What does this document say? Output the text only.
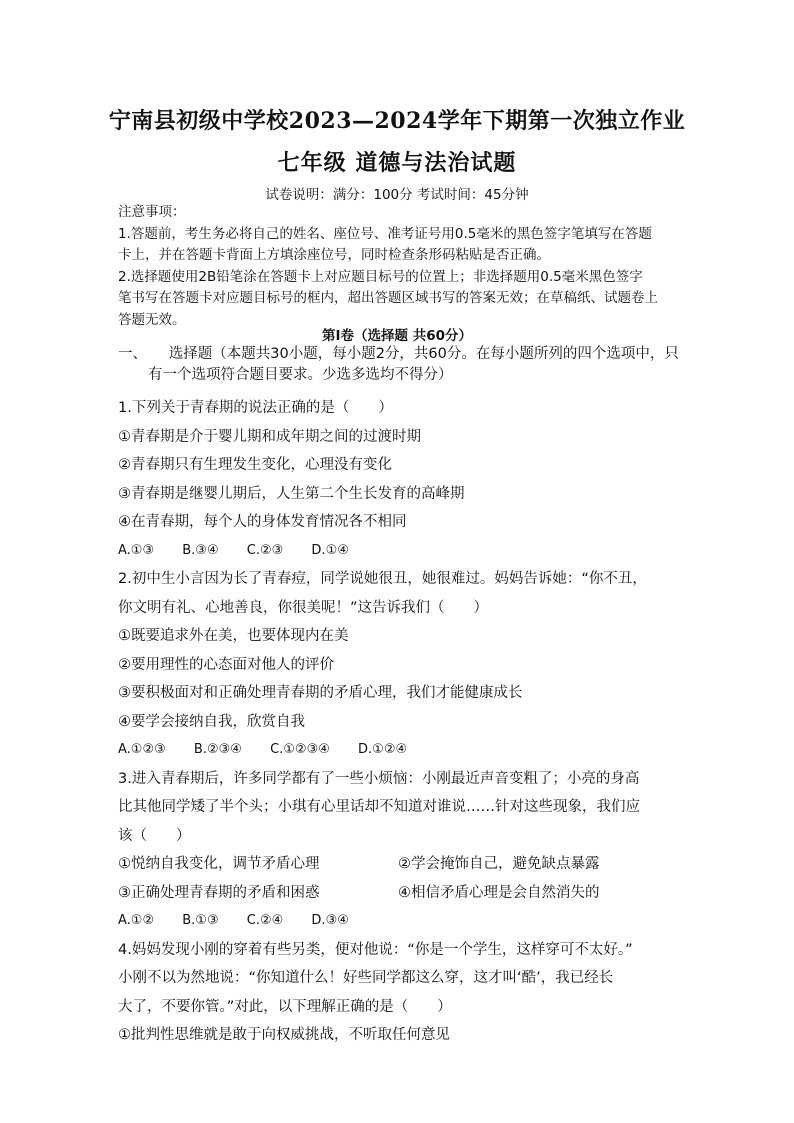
宁南县初级中学校2023—2024学年下期第一次独立作业
七年级 道德与法治试题
试卷说明：满分：100分 考试时间：45分钟
注意事项：
1.答题前，考生务必将自己的姓名、座位号、准考证号用0.5毫米的黑色签字笔填写在答题
卡上，并在答题卡背面上方填涂座位号，同时检查条形码粘贴是否正确。
2.选择题使用2B铅笔涂在答题卡上对应题目标号的位置上；非选择题用0.5毫米黑色签字
笔书写在答题卡对应题目标号的框内，超出答题区域书写的答案无效；在草稿纸、试题卷上
答题无效。
第Ⅰ卷（选择题 共60分）
一、　　选择题（本题共30小题，每小题2分，共60分。在每小题所列的四个选项中，只
有一个选项符合题目要求。少选多选均不得分）
1.下列关于青春期的说法正确的是（　　）
①青春期是介于婴儿期和成年期之间的过渡时期
②青春期只有生理发生变化，心理没有变化
③青春期是继婴儿期后，人生第二个生长发育的高峰期
④在青春期，每个人的身体发育情况各不相同
A.①③ B.③④ C.②③ D.①④
2.初中生小言因为长了青春痘，同学说她很丑，她很难过。妈妈告诉她：“你不丑，
你文明有礼、心地善良，你很美呢！”这告诉我们（　　）
①既要追求外在美，也要体现内在美
②要用理性的心态面对他人的评价
③要积极面对和正确处理青春期的矛盾心理，我们才能健康成长
④要学会接纳自我，欣赏自我
A.①②③ B.②③④ C.①②③④ D.①②④
3.进入青春期后，许多同学都有了一些小烦恼：小刚最近声音变粗了；小亮的身高
比其他同学矮了半个头；小琪有心里话却不知道对谁说……针对这些现象，我们应
该（　　）
①悦纳自我变化，调节矛盾心理	②学会掩饰自己，避免缺点暴露
③正确处理青春期的矛盾和困惑	④相信矛盾心理是会自然消失的
A.①② B.①③ C.②④ D.③④
4.妈妈发现小刚的穿着有些另类，便对他说：“你是一个学生，这样穿可不太好。”
小刚不以为然地说：“你知道什么！好些同学都这么穿，这才叫‘酷’，我已经长
大了，不要你管。”对此，以下理解正确的是（　　）
①批判性思维就是敢于向权威挑战，不听取任何意见
